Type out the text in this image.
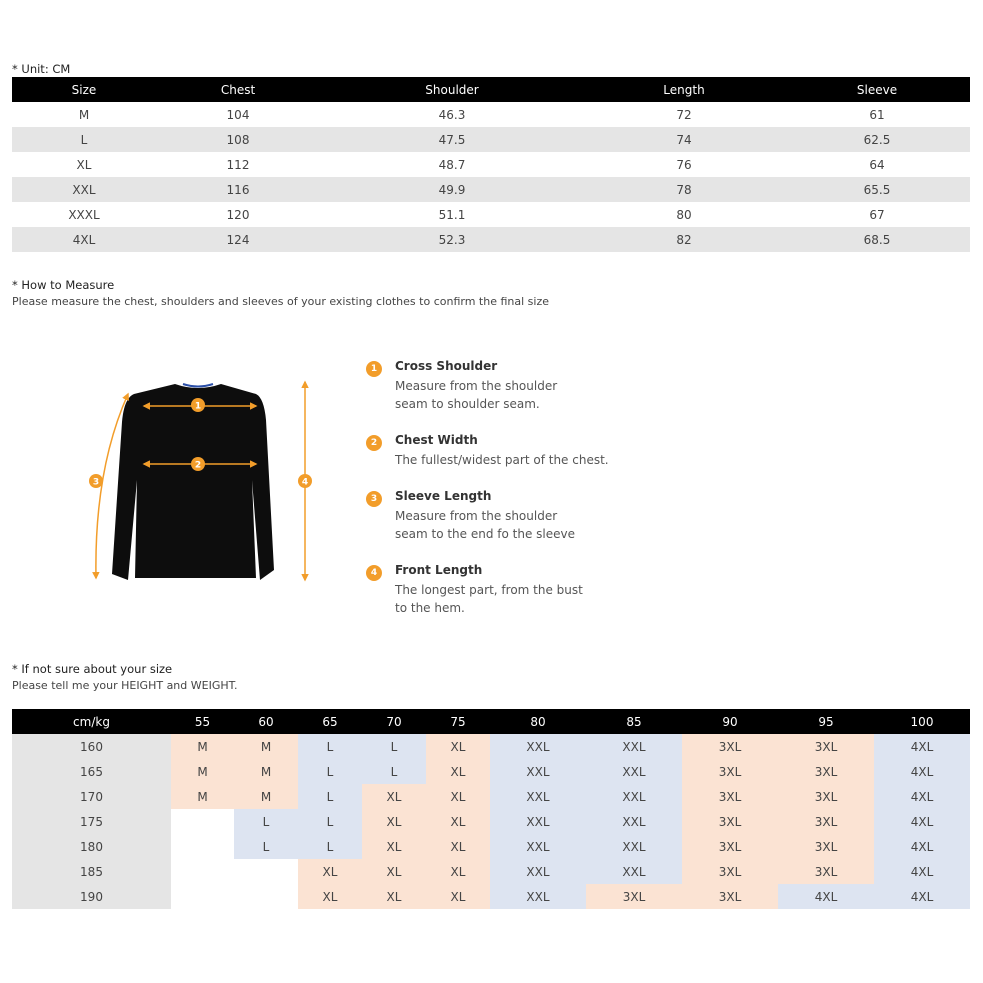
* Unit: CM
Size	Chest	Shoulder	Length	Sleeve
M	104	46.3	72	61
L	108	47.5	74	62.5
XL	112	48.7	76	64
XXL	116	49.9	78	65.5
XXXL	120	51.1	80	67
4XL	124	52.3	82	68.5
* How to Measure
Please measure the chest, shoulders and sleeves of your existing clothes to confirm the final size
1
2
3	4
1	Cross Shoulder
Measure from the shoulder seam to shoulder seam.
2	Chest Width
The fullest/widest part of the chest.
3	Sleeve Length
Measure from the shoulder seam to the end fo the sleeve
4	Front Length
The longest part, from the bust to the hem.
* If not sure about your size
Please tell me your HEIGHT and WEIGHT.
cm/kg	55	60	65	70	75	80	85	90	95	100
160	M	M	L	L	XL	XXL	XXL	3XL	3XL	4XL
165	M	M	L	L	XL	XXL	XXL	3XL	3XL	4XL
170	M	M	L	XL	XL	XXL	XXL	3XL	3XL	4XL
175		L	L	XL	XL	XXL	XXL	3XL	3XL	4XL
180		L	L	XL	XL	XXL	XXL	3XL	3XL	4XL
185			XL	XL	XL	XXL	XXL	3XL	3XL	4XL
190			XL	XL	XL	XXL	3XL	3XL	4XL	4XL
